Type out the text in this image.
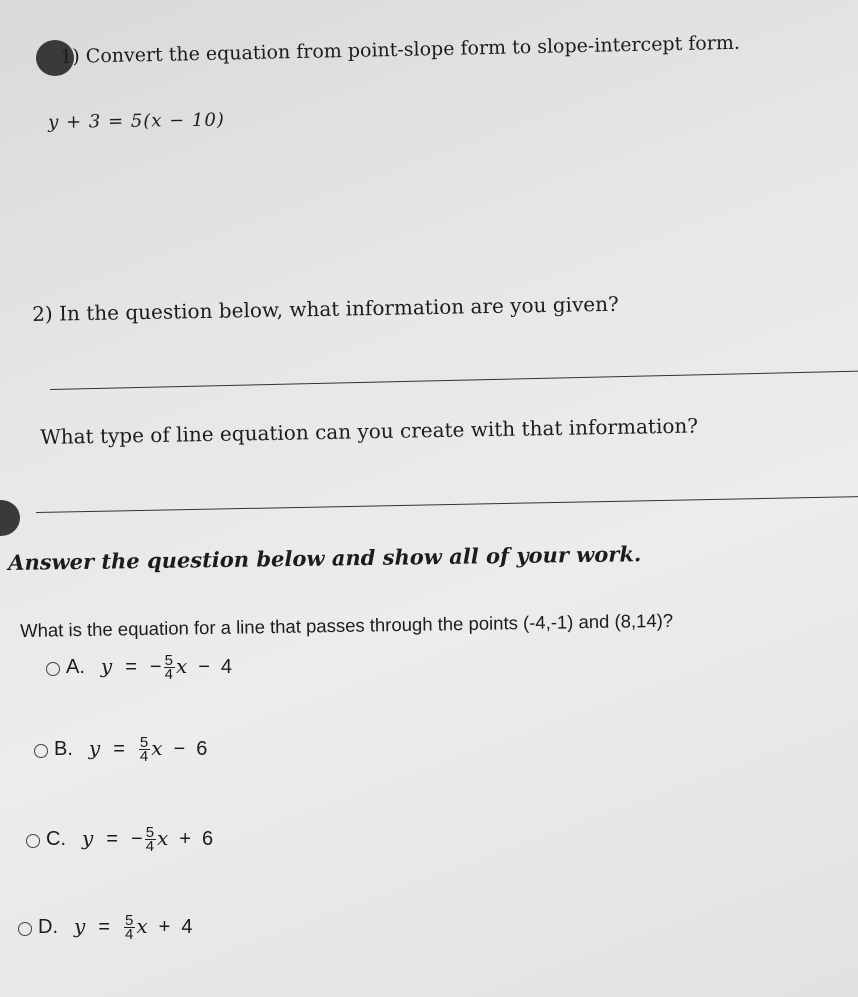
1) Convert the equation from point-slope form to slope-intercept form.
y + 3 = 5(x − 10)
2) In the question below, what information are you given?
What type of line equation can you create with that information?
Answer the question below and show all of your work.
What is the equation for a line that passes through the points (-4,-1) and (8,14)?
A. y = − $\frac{5}{4}$ x − 4
B. $y = \frac{5}{4}$ x − 6
C. y = − $\frac{5}{4}$ x + 6
D. $y = \frac{5}{4}$ x + 4
